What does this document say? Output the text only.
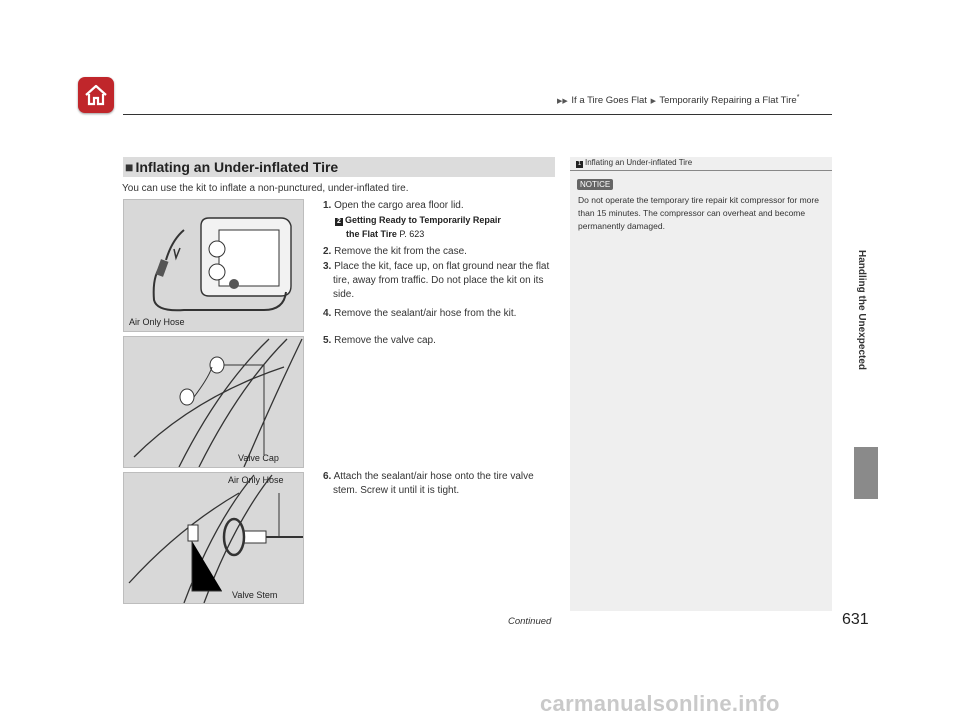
▶▶ If a Tire Goes Flat ▶ Temporarily Repairing a Flat Tire*
Handling the Unexpected
■ Inflating an Under-inflated Tire
You can use the kit to inflate a non-punctured, under-inflated tire.
Air Only Hose
Valve Cap
Air Only Hose
Valve Stem
1. Open the cargo area floor lid.
2 Getting Ready to Temporarily Repair
the Flat Tire P. 623
2. Remove the kit from the case.
3. Place the kit, face up, on flat ground near the flat tire, away from traffic. Do not place the kit on its side.
4. Remove the sealant/air hose from the kit.
5. Remove the valve cap.
6. Attach the sealant/air hose onto the tire valve stem. Screw it until it is tight.
1 Inflating an Under-inflated Tire
NOTICE
Do not operate the temporary tire repair kit compressor for more than 15 minutes. The compressor can overheat and become permanently damaged.
Continued	631
carmanualsonline.info
